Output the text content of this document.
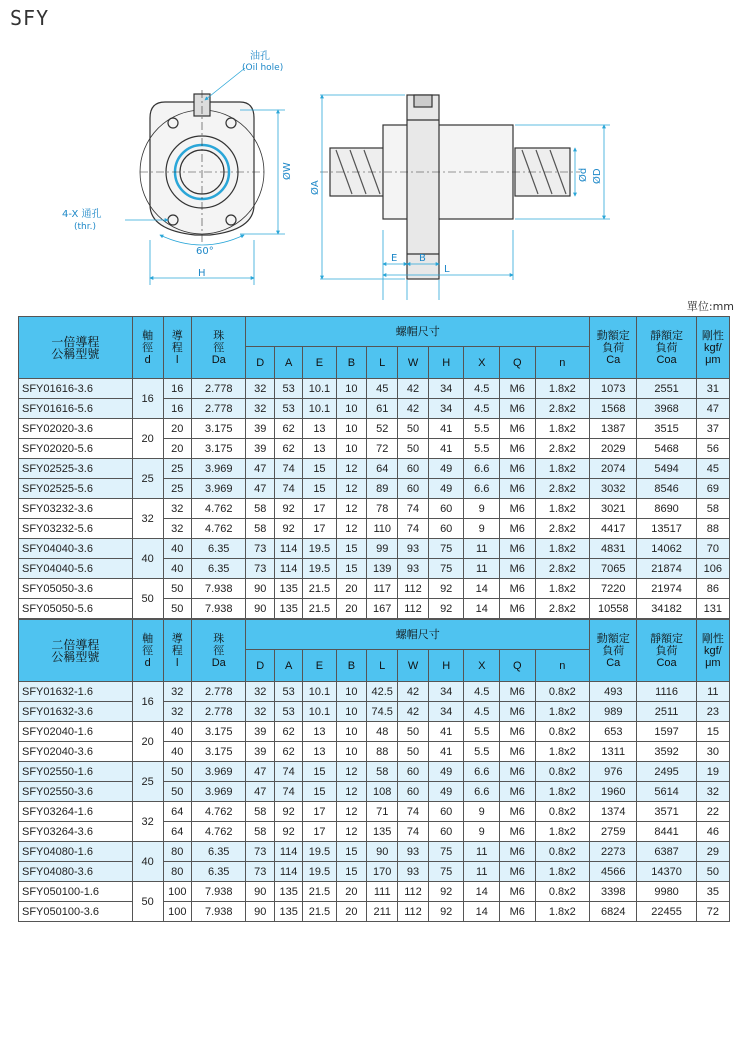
SFY
油孔
(Oil hole)
4-X 通孔
(thr.)
60°
ØW
H
ØA
E B
L
Ød ØD
單位:mm
一倍導程
公稱型號	軸
徑
d	導
程
l	珠
徑
Da	螺帽尺寸										動額定
負荷
Ca	靜額定
負荷
Coa	剛性
kgf/
μm
				D	A	E	B	L	W	H	X	Q	n			
SFY01616-3.6	16	16	2.778	32	53	10.1	10	45	42	34	4.5	M6	1.8x2	1073	2551	31
SFY01616-5.6		16	2.778	32	53	10.1	10	61	42	34	4.5	M6	2.8x2	1568	3968	47
SFY02020-3.6	20	20	3.175	39	62	13	10	52	50	41	5.5	M6	1.8x2	1387	3515	37
SFY02020-5.6		20	3.175	39	62	13	10	72	50	41	5.5	M6	2.8x2	2029	5468	56
SFY02525-3.6	25	25	3.969	47	74	15	12	64	60	49	6.6	M6	1.8x2	2074	5494	45
SFY02525-5.6		25	3.969	47	74	15	12	89	60	49	6.6	M6	2.8x2	3032	8546	69
SFY03232-3.6	32	32	4.762	58	92	17	12	78	74	60	9	M6	1.8x2	3021	8690	58
SFY03232-5.6		32	4.762	58	92	17	12	110	74	60	9	M6	2.8x2	4417	13517	88
SFY04040-3.6	40	40	6.35	73	114	19.5	15	99	93	75	11	M6	1.8x2	4831	14062	70
SFY04040-5.6		40	6.35	73	114	19.5	15	139	93	75	11	M6	2.8x2	7065	21874	106
SFY05050-3.6	50	50	7.938	90	135	21.5	20	117	112	92	14	M6	1.8x2	7220	21974	86
SFY05050-5.6		50	7.938	90	135	21.5	20	167	112	92	14	M6	2.8x2	10558	34182	131
二倍導程
公稱型號	軸
徑
d	導
程
l	珠
徑
Da	螺帽尺寸										動額定
負荷
Ca	靜額定
負荷
Coa	剛性
kgf/
μm
				D	A	E	B	L	W	H	X	Q	n			
SFY01632-1.6	16	32	2.778	32	53	10.1	10	42.5	42	34	4.5	M6	0.8x2	493	1116	11
SFY01632-3.6		32	2.778	32	53	10.1	10	74.5	42	34	4.5	M6	1.8x2	989	2511	23
SFY02040-1.6	20	40	3.175	39	62	13	10	48	50	41	5.5	M6	0.8x2	653	1597	15
SFY02040-3.6		40	3.175	39	62	13	10	88	50	41	5.5	M6	1.8x2	1311	3592	30
SFY02550-1.6	25	50	3.969	47	74	15	12	58	60	49	6.6	M6	0.8x2	976	2495	19
SFY02550-3.6		50	3.969	47	74	15	12	108	60	49	6.6	M6	1.8x2	1960	5614	32
SFY03264-1.6	32	64	4.762	58	92	17	12	71	74	60	9	M6	0.8x2	1374	3571	22
SFY03264-3.6		64	4.762	58	92	17	12	135	74	60	9	M6	1.8x2	2759	8441	46
SFY04080-1.6	40	80	6.35	73	114	19.5	15	90	93	75	11	M6	0.8x2	2273	6387	29
SFY04080-3.6		80	6.35	73	114	19.5	15	170	93	75	11	M6	1.8x2	4566	14370	50
SFY050100-1.6	50	100	7.938	90	135	21.5	20	111	112	92	14	M6	0.8x2	3398	9980	35
SFY050100-3.6		100	7.938	90	135	21.5	20	211	112	92	14	M6	1.8x2	6824	22455	72
